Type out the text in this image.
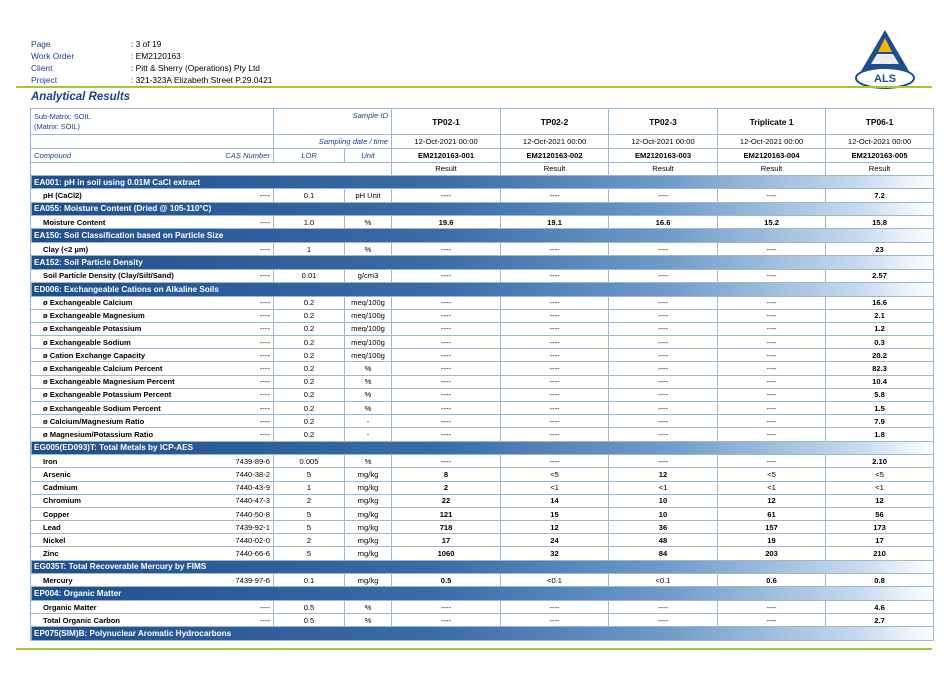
Page	: 3 of 19
Work Order	: EM2120163
Client	: Pitt & Sherry (Operations) Pty Ltd
Project	: 321-323A Elizabeth Street P.29.0421	ALS
Analytical Results
Sub-Matrix: SOIL
(Matrix: SOIL)	Sample ID		TP02-1	TP02-2	TP02-3	Triplicate 1	TP06-1
	Sampling date / time		12-Oct-2021 00:00	12-Oct-2021 00:00	12-Oct-2021 00:00	12-Oct-2021 00:00	12-Oct-2021 00:00
Compound CAS Number	LOR	Unit	EM2120163-001	EM2120163-002	EM2120163-003	EM2120163-004	EM2120163-005
			Result	Result	Result	Result	Result
EA001: pH in soil using 0.01M CaCl extract							
pH (CaCl2) ----	0.1	pH Unit	----	----	----	----	7.2
EA055: Moisture Content (Dried @ 105-110°C)							
Moisture Content ----	1.0	%	19.6	19.1	16.6	15.2	15.8
EA150: Soil Classification based on Particle Size							
Clay (<2 µm) ----	1	%	----	----	----	----	23
EA152: Soil Particle Density							
Soil Particle Density (Clay/Silt/Sand) ----	0.01	g/cm3	----	----	----	----	2.57
ED006: Exchangeable Cations on Alkaline Soils							
ø Exchangeable Calcium ----	0.2	meq/100g	----	----	----	----	16.6
ø Exchangeable Magnesium ----	0.2	meq/100g	----	----	----	----	2.1
ø Exchangeable Potassium ----	0.2	meq/100g	----	----	----	----	1.2
ø Exchangeable Sodium ----	0.2	meq/100g	----	----	----	----	0.3
ø Cation Exchange Capacity ----	0.2	meq/100g	----	----	----	----	20.2
ø Exchangeable Calcium Percent ----	0.2	%	----	----	----	----	82.3
ø Exchangeable Magnesium Percent ----	0.2	%	----	----	----	----	10.4
ø Exchangeable Potassium Percent ----	0.2	%	----	----	----	----	5.8
ø Exchangeable Sodium Percent ----	0.2	%	----	----	----	----	1.5
ø Calcium/Magnesium Ratio ----	0.2	-	----	----	----	----	7.9
ø Magnesium/Potassium Ratio ----	0.2	-	----	----	----	----	1.8
EG005(ED093)T: Total Metals by ICP-AES							
Iron 7439-89-6	0.005	%	----	----	----	----	2.10
Arsenic 7440-38-2	5	mg/kg	8	<5	12	<5	<5
Cadmium 7440-43-9	1	mg/kg	2	<1	<1	<1	<1
Chromium 7440-47-3	2	mg/kg	22	14	10	12	12
Copper 7440-50-8	5	mg/kg	121	15	10	61	56
Lead 7439-92-1	5	mg/kg	718	12	36	157	173
Nickel 7440-02-0	2	mg/kg	17	24	48	19	17
Zinc 7440-66-6	5	mg/kg	1060	32	84	203	210
EG035T: Total Recoverable Mercury by FIMS							
Mercury 7439-97-6	0.1	mg/kg	0.5	<0.1	<0.1	0.6	0.8
EP004: Organic Matter							
Organic Matter ----	0.5	%	----	----	----	----	4.6
Total Organic Carbon ----	0.5	%	----	----	----	----	2.7
EP075(SIM)B: Polynuclear Aromatic Hydrocarbons							
